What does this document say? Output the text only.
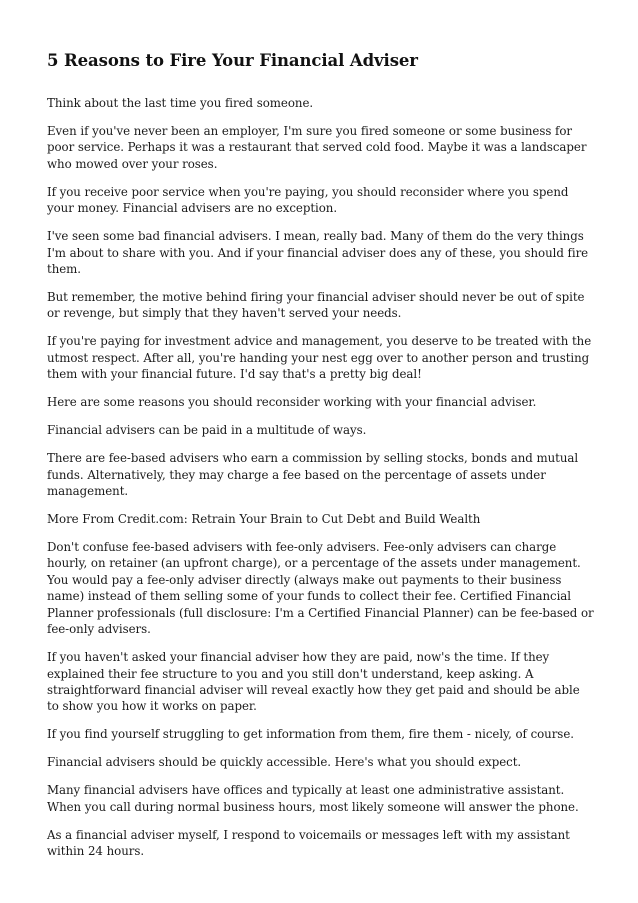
5 Reasons to Fire Your Financial Adviser

Think about the last time you fired someone.

Even if you've never been an employer, I'm sure you fired someone or some business for poor service. Perhaps it was a restaurant that served cold food. Maybe it was a landscaper who mowed over your roses.

If you receive poor service when you're paying, you should reconsider where you spend your money. Financial advisers are no exception.

I've seen some bad financial advisers. I mean, really bad. Many of them do the very things I'm about to share with you. And if your financial adviser does any of these, you should fire them.

But remember, the motive behind firing your financial adviser should never be out of spite or revenge, but simply that they haven't served your needs.

If you're paying for investment advice and management, you deserve to be treated with the utmost respect. After all, you're handing your nest egg over to another person and trusting them with your financial future. I'd say that's a pretty big deal!

Here are some reasons you should reconsider working with your financial adviser.

Financial advisers can be paid in a multitude of ways.

There are fee-based advisers who earn a commission by selling stocks, bonds and mutual funds. Alternatively, they may charge a fee based on the percentage of assets under management.

More From Credit.com: Retrain Your Brain to Cut Debt and Build Wealth

Don't confuse fee-based advisers with fee-only advisers. Fee-only advisers can charge hourly, on retainer (an upfront charge), or a percentage of the assets under management. You would pay a fee-only adviser directly (always make out payments to their business name) instead of them selling some of your funds to collect their fee. Certified Financial Planner professionals (full disclosure: I'm a Certified Financial Planner) can be fee-based or fee-only advisers.

If you haven't asked your financial adviser how they are paid, now's the time. If they explained their fee structure to you and you still don't understand, keep asking. A straightforward financial adviser will reveal exactly how they get paid and should be able to show you how it works on paper.

If you find yourself struggling to get information from them, fire them - nicely, of course.

Financial advisers should be quickly accessible. Here's what you should expect.

Many financial advisers have offices and typically at least one administrative assistant. When you call during normal business hours, most likely someone will answer the phone.

As a financial adviser myself, I respond to voicemails or messages left with my assistant within 24 hours.
